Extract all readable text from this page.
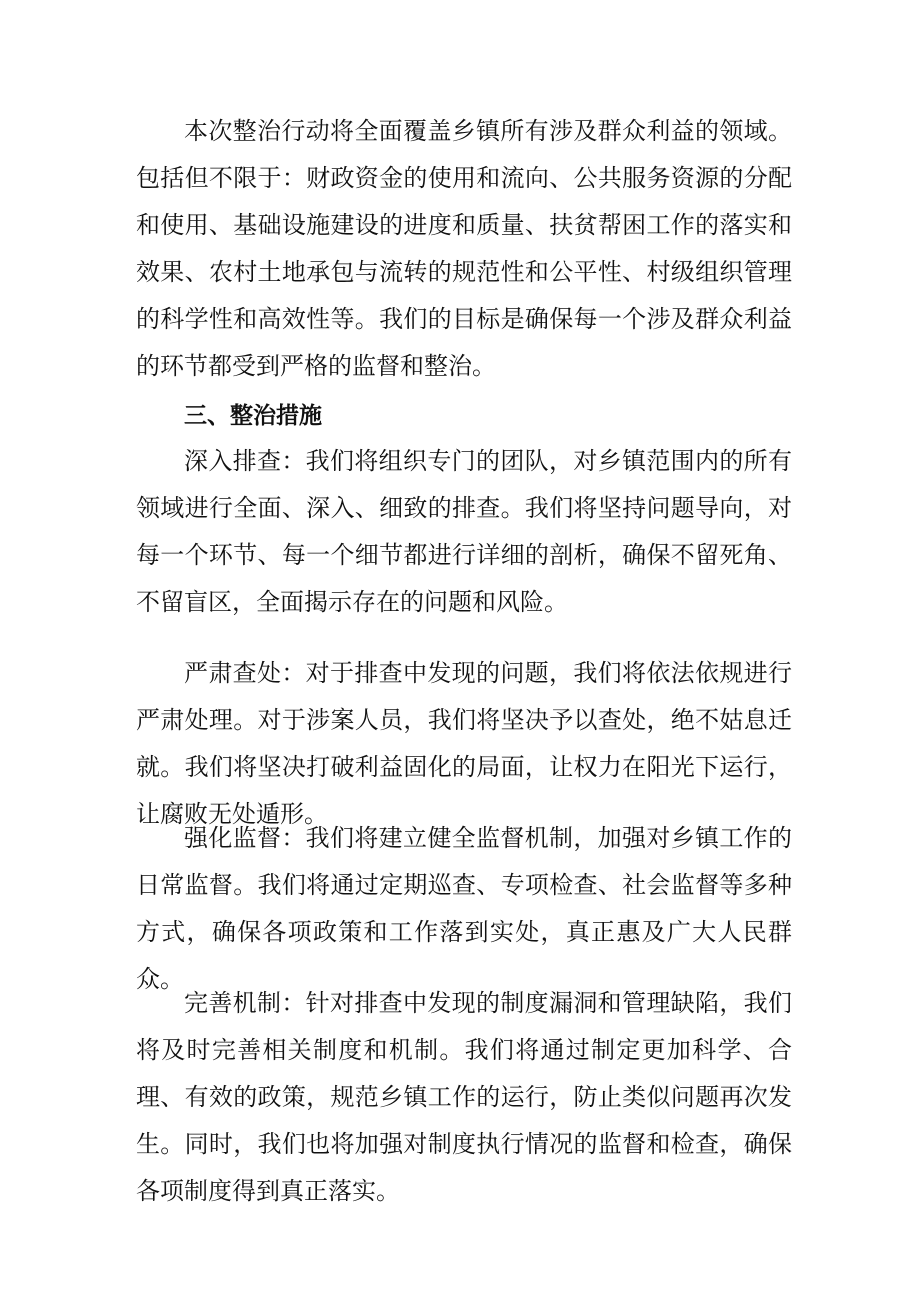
本次整治行动将全面覆盖乡镇所有涉及群众利益的领域。包括但不限于：财政资金的使用和流向、公共服务资源的分配和使用、基础设施建设的进度和质量、扶贫帮困工作的落实和效果、农村土地承包与流转的规范性和公平性、村级组织管理的科学性和高效性等。我们的目标是确保每一个涉及群众利益的环节都受到严格的监督和整治。

三、整治措施

深入排查：我们将组织专门的团队，对乡镇范围内的所有领域进行全面、深入、细致的排查。我们将坚持问题导向，对每一个环节、每一个细节都进行详细的剖析，确保不留死角、不留盲区，全面揭示存在的问题和风险。

严肃查处：对于排查中发现的问题，我们将依法依规进行严肃处理。对于涉案人员，我们将坚决予以查处，绝不姑息迁就。我们将坚决打破利益固化的局面，让权力在阳光下运行，让腐败无处遁形。

强化监督：我们将建立健全监督机制，加强对乡镇工作的日常监督。我们将通过定期巡查、专项检查、社会监督等多种方式，确保各项政策和工作落到实处，真正惠及广大人民群众。

完善机制：针对排查中发现的制度漏洞和管理缺陷，我们将及时完善相关制度和机制。我们将通过制定更加科学、合理、有效的政策，规范乡镇工作的运行，防止类似问题再次发生。同时，我们也将加强对制度执行情况的监督和检查，确保各项制度得到真正落实。
